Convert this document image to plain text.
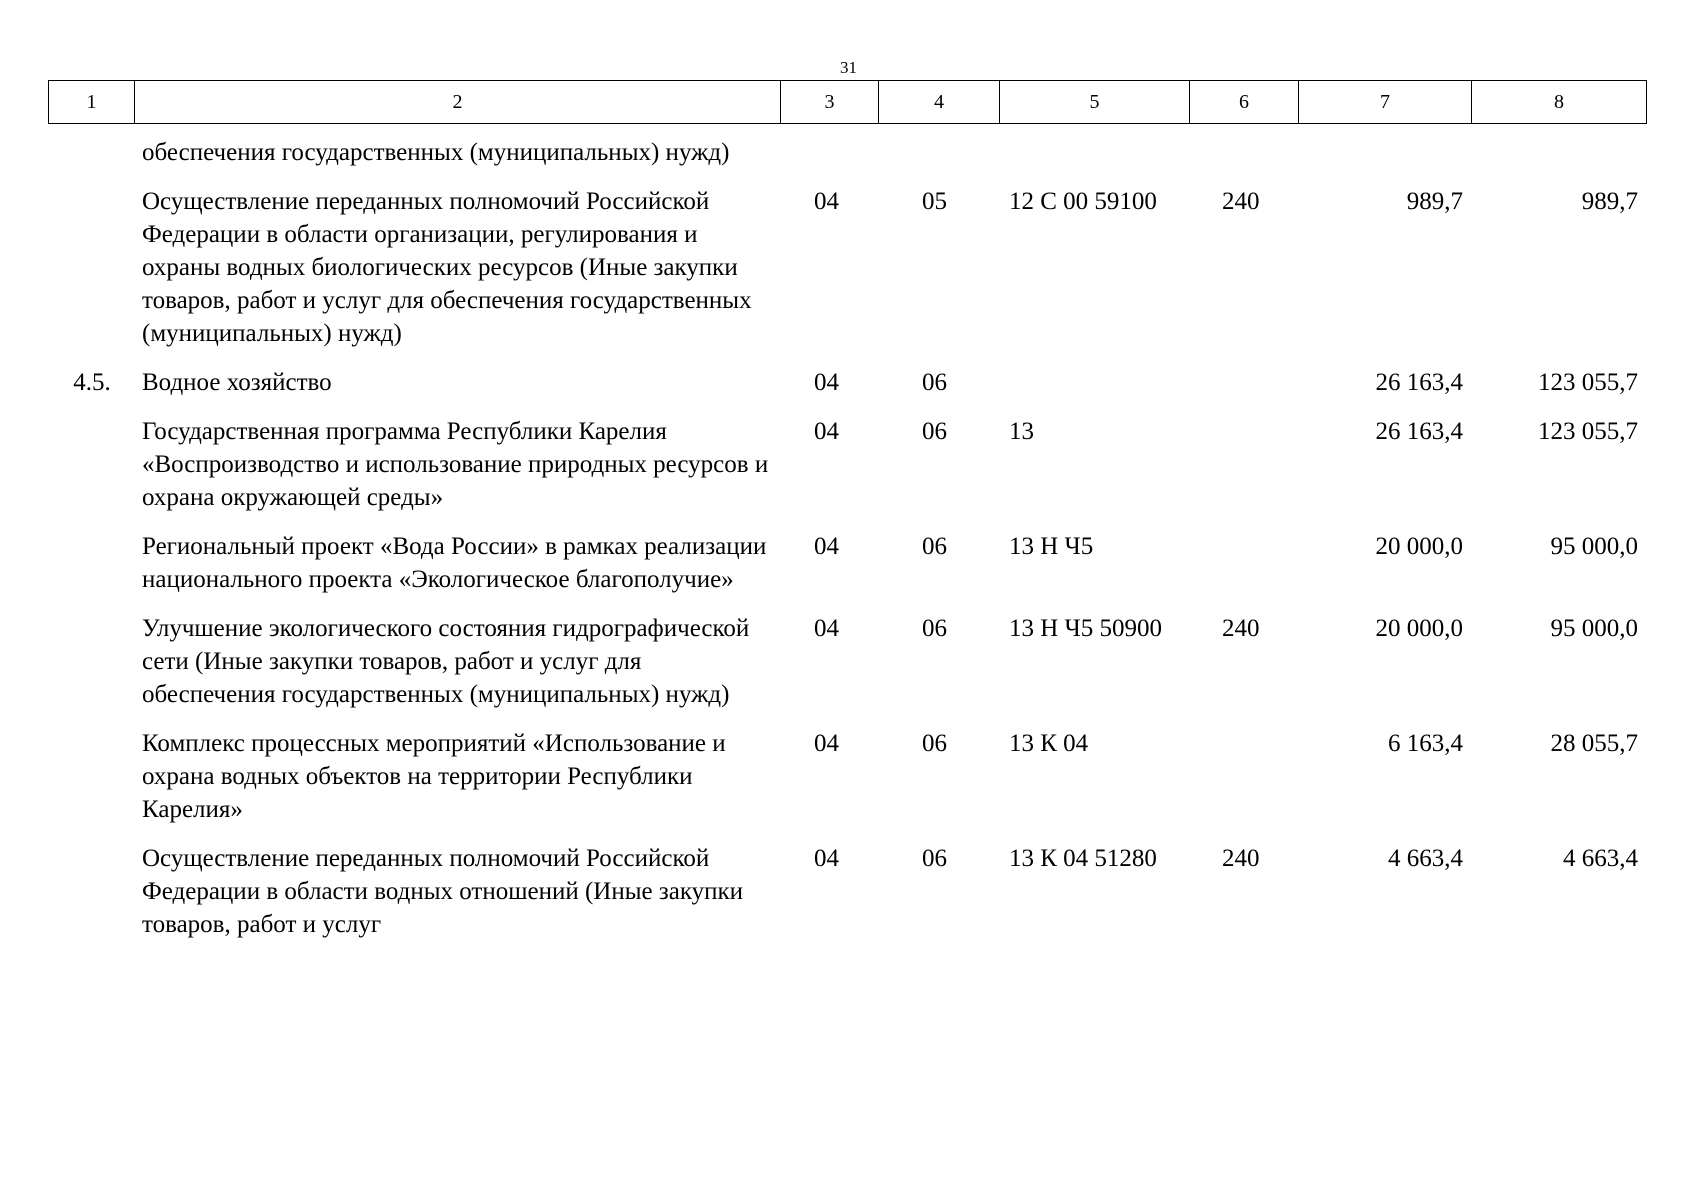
31
1	2	3	4	5	6	7	8
	обеспечения государственных (муниципальных) нужд)						
	Осуществление переданных полномочий Российской Федерации в области организации, регулирования и охраны водных биологических ресурсов (Иные закупки товаров, работ и услуг для обеспечения государственных (муниципальных) нужд)	04	05	12 С 00 59100	240	989,7	989,7
4.5.	Водное хозяйство	04	06			26 163,4	123 055,7
	Государственная программа Республики Карелия «Воспроизводство и использование природных ресурсов и охрана окружающей среды»	04	06	13		26 163,4	123 055,7
	Региональный проект «Вода России» в рамках реализации национального проекта «Экологическое благополучие»	04	06	13 Н Ч5		20 000,0	95 000,0
	Улучшение экологического состояния гидрографической сети (Иные закупки товаров, работ и услуг для обеспечения государственных (муниципальных) нужд)	04	06	13 Н Ч5 50900	240	20 000,0	95 000,0
	Комплекс процессных мероприятий «Использование и охрана водных объектов на территории Республики Карелия»	04	06	13 К 04		6 163,4	28 055,7
	Осуществление переданных полномочий Российской Федерации в области водных отношений (Иные закупки товаров, работ и услуг	04	06	13 К 04 51280	240	4 663,4	4 663,4
